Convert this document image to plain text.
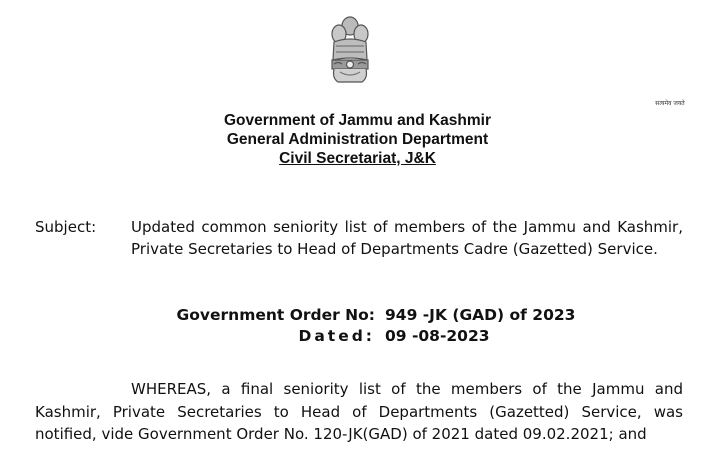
सत्यमेव जयते
Government of Jammu and Kashmir
General Administration Department
Civil Secretariat, J&K
Subject: Updated common seniority list of members of the Jammu and Kashmir, Private Secretaries to Head of Departments Cadre (Gazetted) Service.
Government Order No: 949 -JK (GAD) of 2023
Dated: 09 -08-2023
WHEREAS, a final seniority list of the members of the Jammu and Kashmir, Private Secretaries to Head of Departments (Gazetted) Service, was notified, vide Government Order No. 120-JK(GAD) of 2021 dated 09.02.2021; and
